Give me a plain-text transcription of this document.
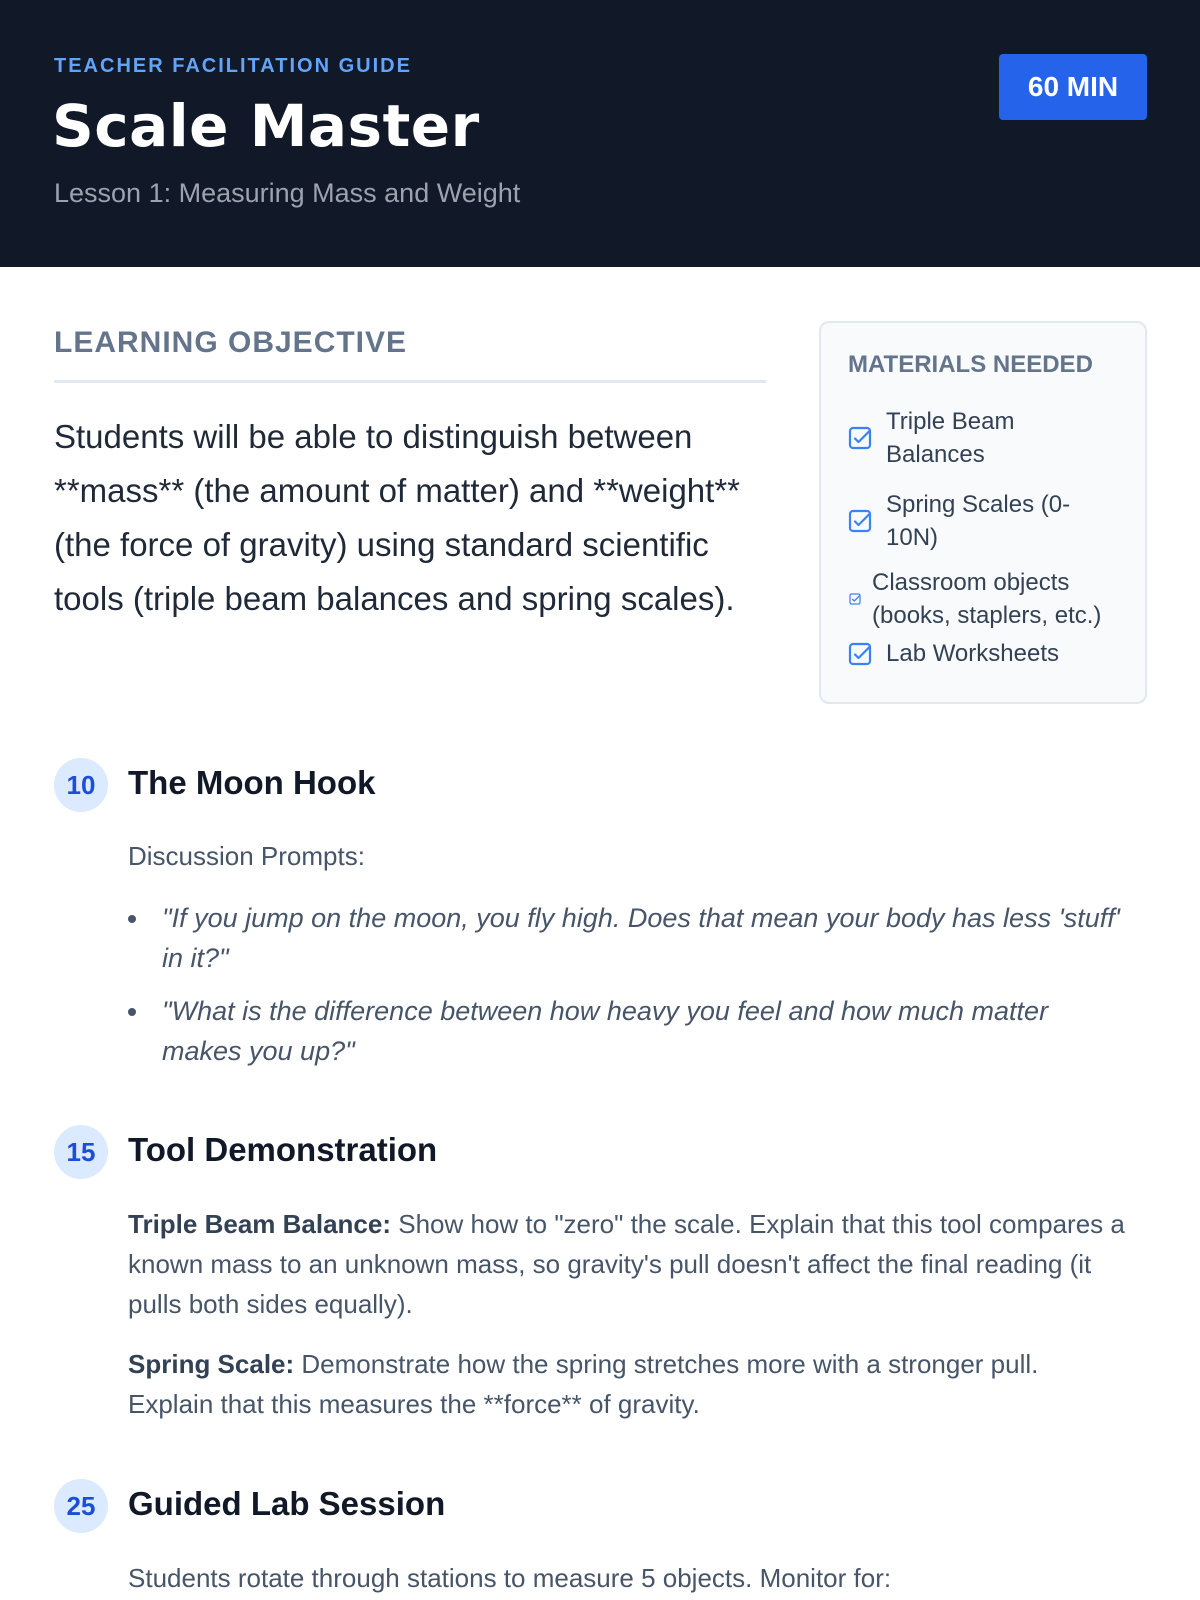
TEACHER FACILITATION GUIDE
Scale Master
Lesson 1: Measuring Mass and Weight
60 MIN
LEARNING OBJECTIVE
Students will be able to distinguish between **mass** (the amount of matter) and **weight** (the force of gravity) using standard scientific tools (triple beam balances and spring scales).
MATERIALS NEEDED
Triple Beam Balances
Spring Scales (0-10N)
Classroom objects (books, staplers, etc.)
Lab Worksheets
10 The Moon Hook
Discussion Prompts:
"If you jump on the moon, you fly high. Does that mean your body has less 'stuff' in it?"
"What is the difference between how heavy you feel and how much matter makes you up?"
15 Tool Demonstration
Triple Beam Balance: Show how to "zero" the scale. Explain that this tool compares a known mass to an unknown mass, so gravity's pull doesn't affect the final reading (it pulls both sides equally).
Spring Scale: Demonstrate how the spring stretches more with a stronger pull. Explain that this measures the **force** of gravity.
25 Guided Lab Session
Students rotate through stations to measure 5 objects. Monitor for:
